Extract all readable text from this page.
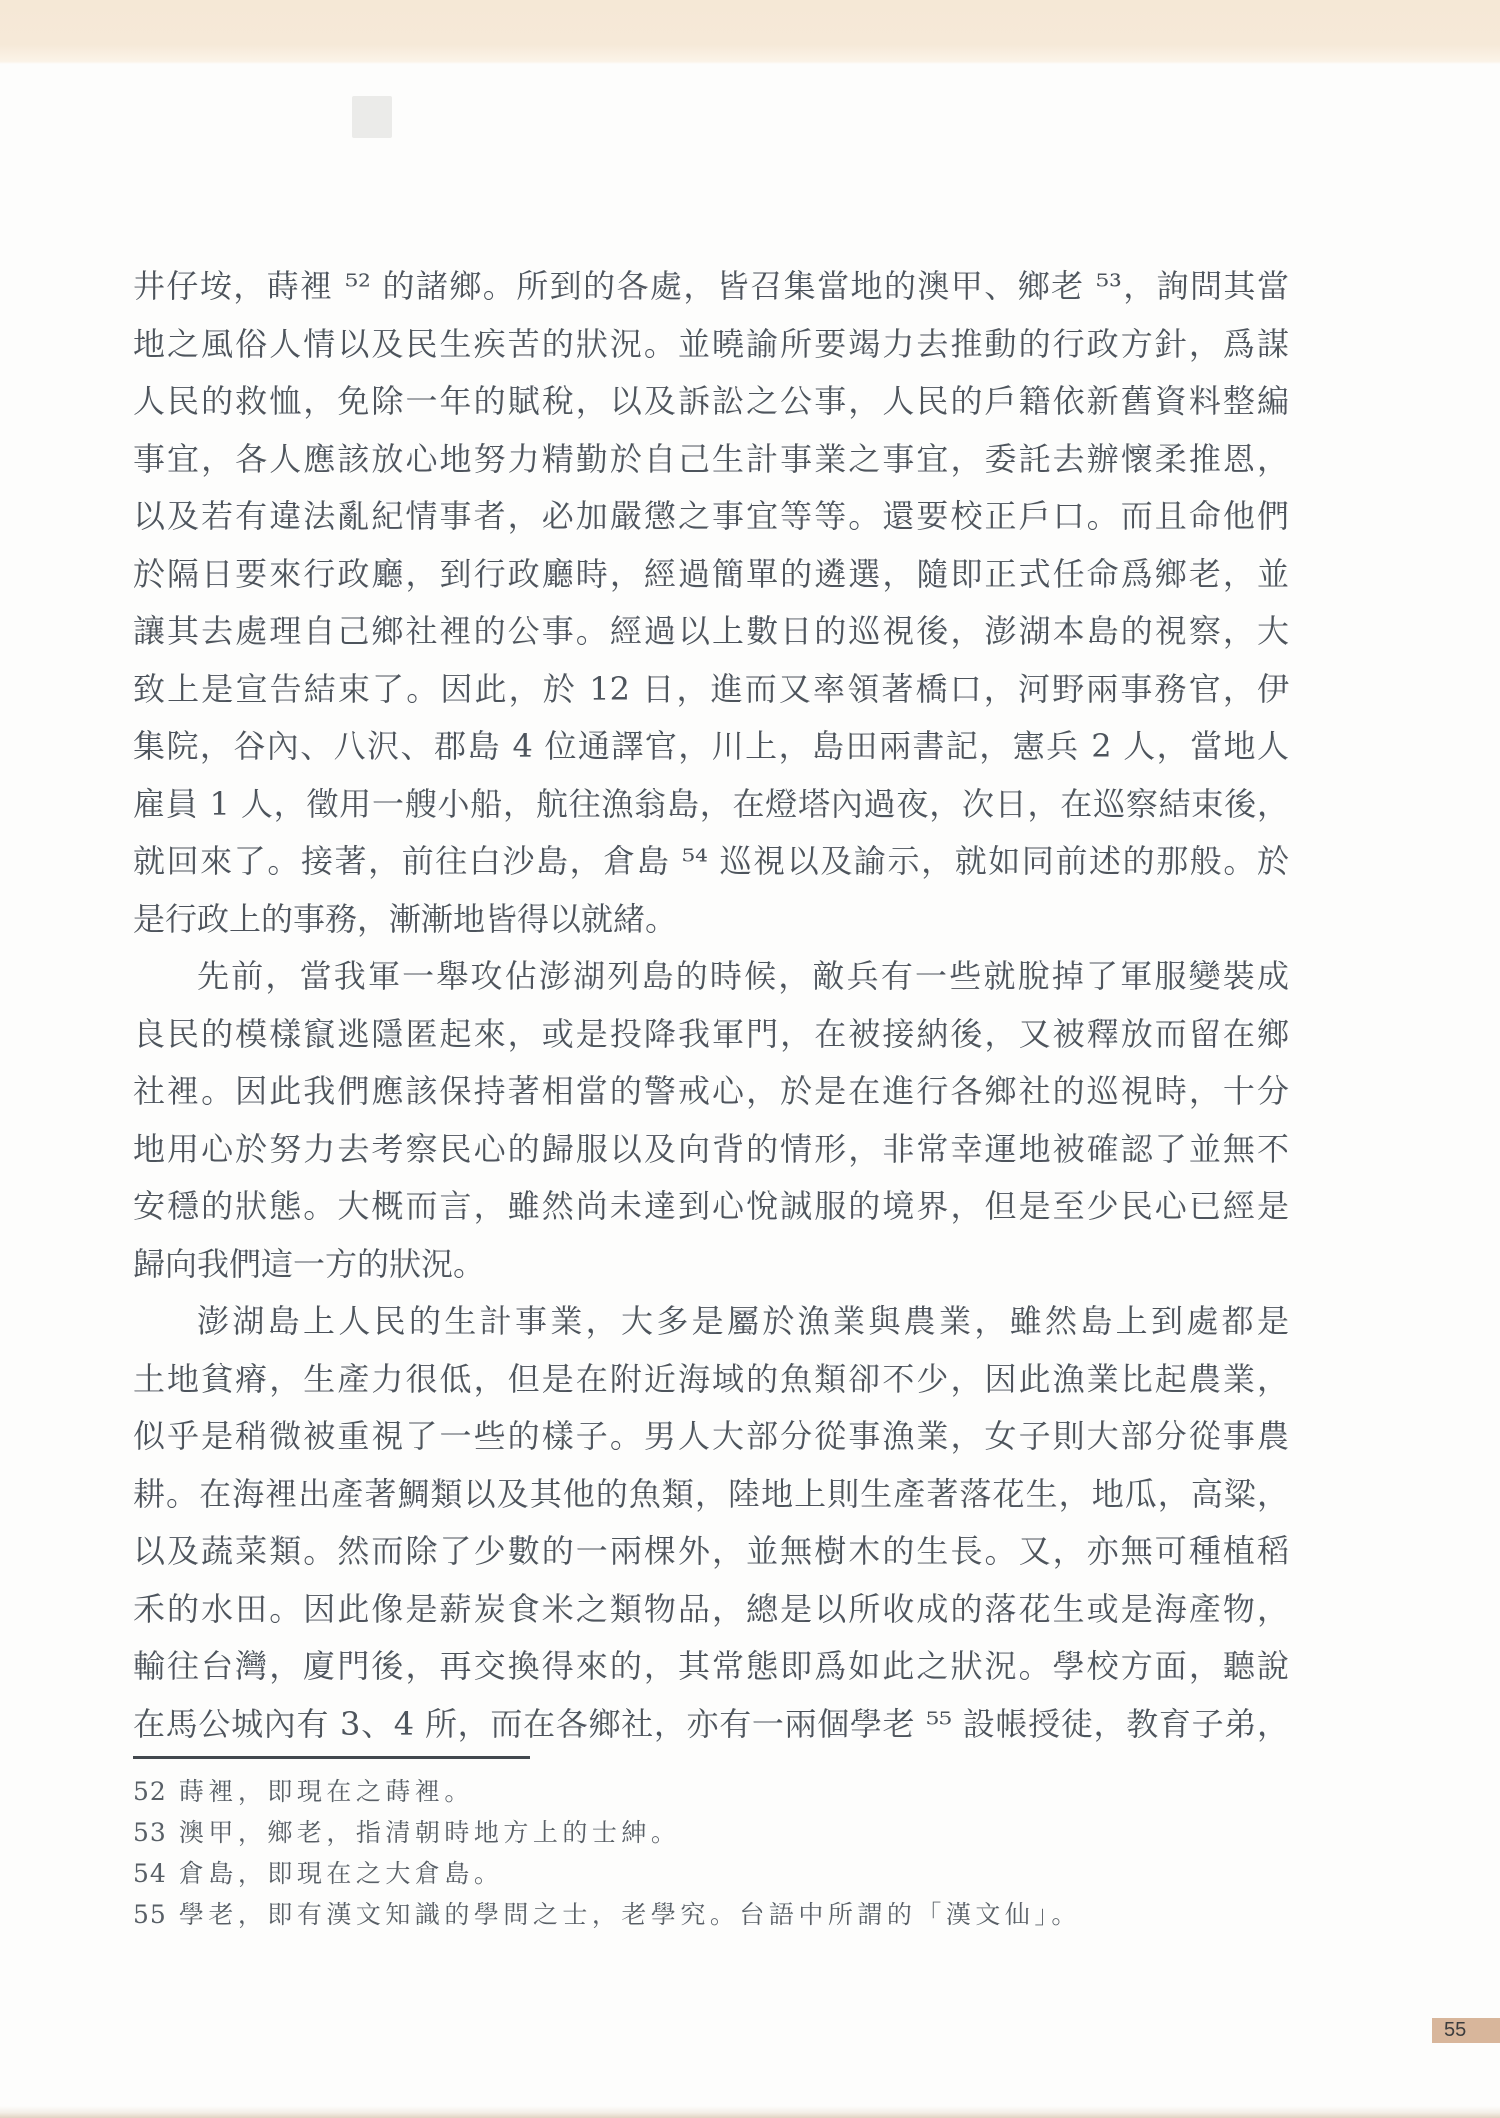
井仔垵，蒔裡 ⁵² 的諸鄉。所到的各處，皆召集當地的澳甲、鄉老 ⁵³，詢問其當

地之風俗人情以及民生疾苦的狀況。並曉諭所要竭力去推動的行政方針，爲謀

人民的救恤，免除一年的賦稅，以及訴訟之公事，人民的戶籍依新舊資料整編

事宜，各人應該放心地努力精勤於自己生計事業之事宜，委託去辦懷柔推恩，

以及若有違法亂紀情事者，必加嚴懲之事宜等等。還要校正戶口。而且命他們

於隔日要來行政廳，到行政廳時，經過簡單的遴選，隨即正式任命爲鄉老，並

讓其去處理自己鄉社裡的公事。經過以上數日的巡視後，澎湖本島的視察，大

致上是宣告結束了。因此，於 12 日，進而又率領著橋口，河野兩事務官，伊

集院，谷內、八沢、郡島 4 位通譯官，川上，島田兩書記，憲兵 2 人，當地人

雇員 1 人，徵用一艘小船，航往漁翁島，在燈塔內過夜，次日，在巡察結束後，

就回來了。接著，前往白沙島，倉島 ⁵⁴ 巡視以及諭示，就如同前述的那般。於

是行政上的事務，漸漸地皆得以就緒。

先前，當我軍一舉攻佔澎湖列島的時候，敵兵有一些就脫掉了軍服變裝成

良民的模樣竄逃隱匿起來，或是投降我軍門，在被接納後，又被釋放而留在鄉

社裡。因此我們應該保持著相當的警戒心，於是在進行各鄉社的巡視時，十分

地用心於努力去考察民心的歸服以及向背的情形，非常幸運地被確認了並無不

安穩的狀態。大概而言，雖然尚未達到心悅誠服的境界，但是至少民心已經是

歸向我們這一方的狀況。

澎湖島上人民的生計事業，大多是屬於漁業與農業，雖然島上到處都是

土地貧瘠，生產力很低，但是在附近海域的魚類卻不少，因此漁業比起農業，

似乎是稍微被重視了一些的樣子。男人大部分從事漁業，女子則大部分從事農

耕。在海裡出產著鯛類以及其他的魚類，陸地上則生產著落花生，地瓜，高粱，

以及蔬菜類。然而除了少數的一兩棵外，並無樹木的生長。又，亦無可種植稻

禾的水田。因此像是薪炭食米之類物品，總是以所收成的落花生或是海產物，

輸往台灣，廈門後，再交換得來的，其常態即爲如此之狀況。學校方面，聽說

在馬公城內有 3、4 所，而在各鄉社，亦有一兩個學老 ⁵⁵ 設帳授徒，教育子弟，

52 蒔裡，即現在之蒔裡。

53 澳甲，鄉老，指清朝時地方上的士紳。

54 倉島，即現在之大倉島。

55 學老，即有漢文知識的學問之士，老學究。台語中所謂的「漢文仙」。

55
